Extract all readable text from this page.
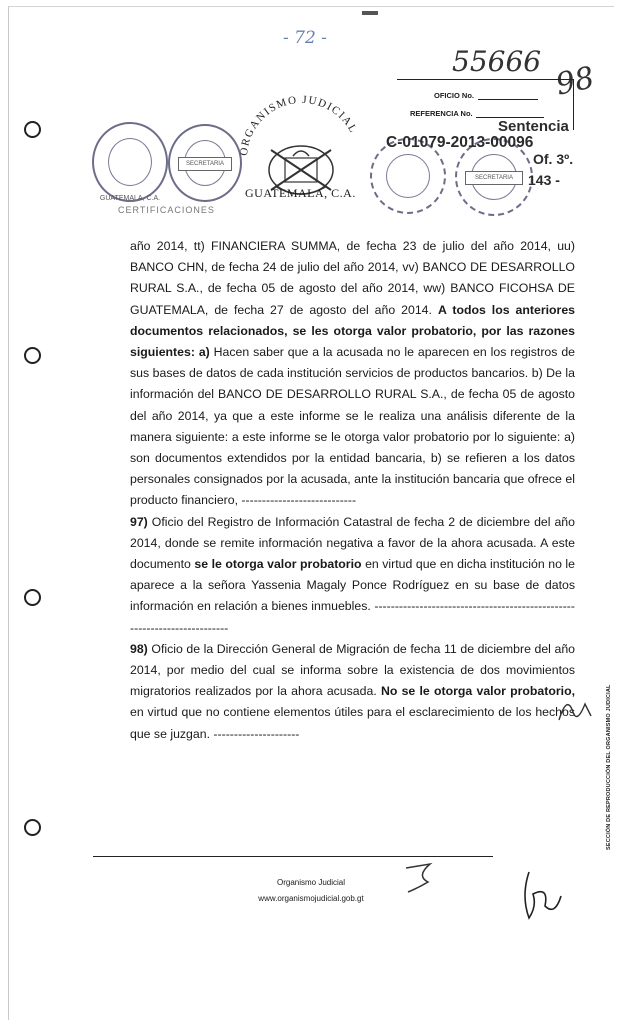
- 72 -
55666 98
GUATEMALA, C.A.
SECRETARIA
SECRETARIA
ORGANISMO JUDICIAL
GUATEMALA, C.A.
CERTIFICACIONES
OFICIO No.
REFERENCIA No.
Sentencia
C-01079-2013-00096
Of. 3º.
143 -

año 2014, tt) FINANCIERA SUMMA, de fecha 23 de julio del año 2014, uu) BANCO CHN, de fecha 24 de julio del año 2014, vv) BANCO DE DESARROLLO RURAL S.A., de fecha 05 de agosto del año 2014, ww) BANCO FICOHSA DE GUATEMALA, de fecha 27 de agosto del año 2014. A todos los anteriores documentos relacionados, se les otorga valor probatorio, por las razones siguientes: a) Hacen saber que a la acusada no le aparecen en los registros de sus bases de datos de cada institución servicios de productos bancarios. b) De la información del BANCO DE DESARROLLO RURAL S.A., de fecha 05 de agosto del año 2014, ya que a este informe se le realiza una análisis diferente de la manera siguiente: a este informe se le otorga valor probatorio por lo siguiente: a) son documentos extendidos por la entidad bancaria, b) se refieren a los datos personales consignados por la acusada, ante la institución bancaria que ofrece el producto financiero, ----------------------------

97) Oficio del Registro de Información Catastral de fecha 2 de diciembre del año 2014, donde se remite información negativa a favor de la ahora acusada. A este documento se le otorga valor probatorio en virtud que en dicha institución no le aparece a la señora Yassenia Magaly Ponce Rodríguez en su base de datos información en relación a bienes inmuebles. -------------------------------------------------------------------------

98) Oficio de la Dirección General de Migración de fecha 11 de diciembre del año 2014, por medio del cual se informa sobre la existencia de dos movimientos migratorios realizados por la ahora acusada. No se le otorga valor probatorio, en virtud que no contiene elementos útiles para el esclarecimiento de los hechos que se juzgan. ---------------------

Organismo Judicial
www.organismojudicial.gob.gt
SECCIÓN DE REPRODUCCIÓN DEL ORGANISMO JUDICIAL
